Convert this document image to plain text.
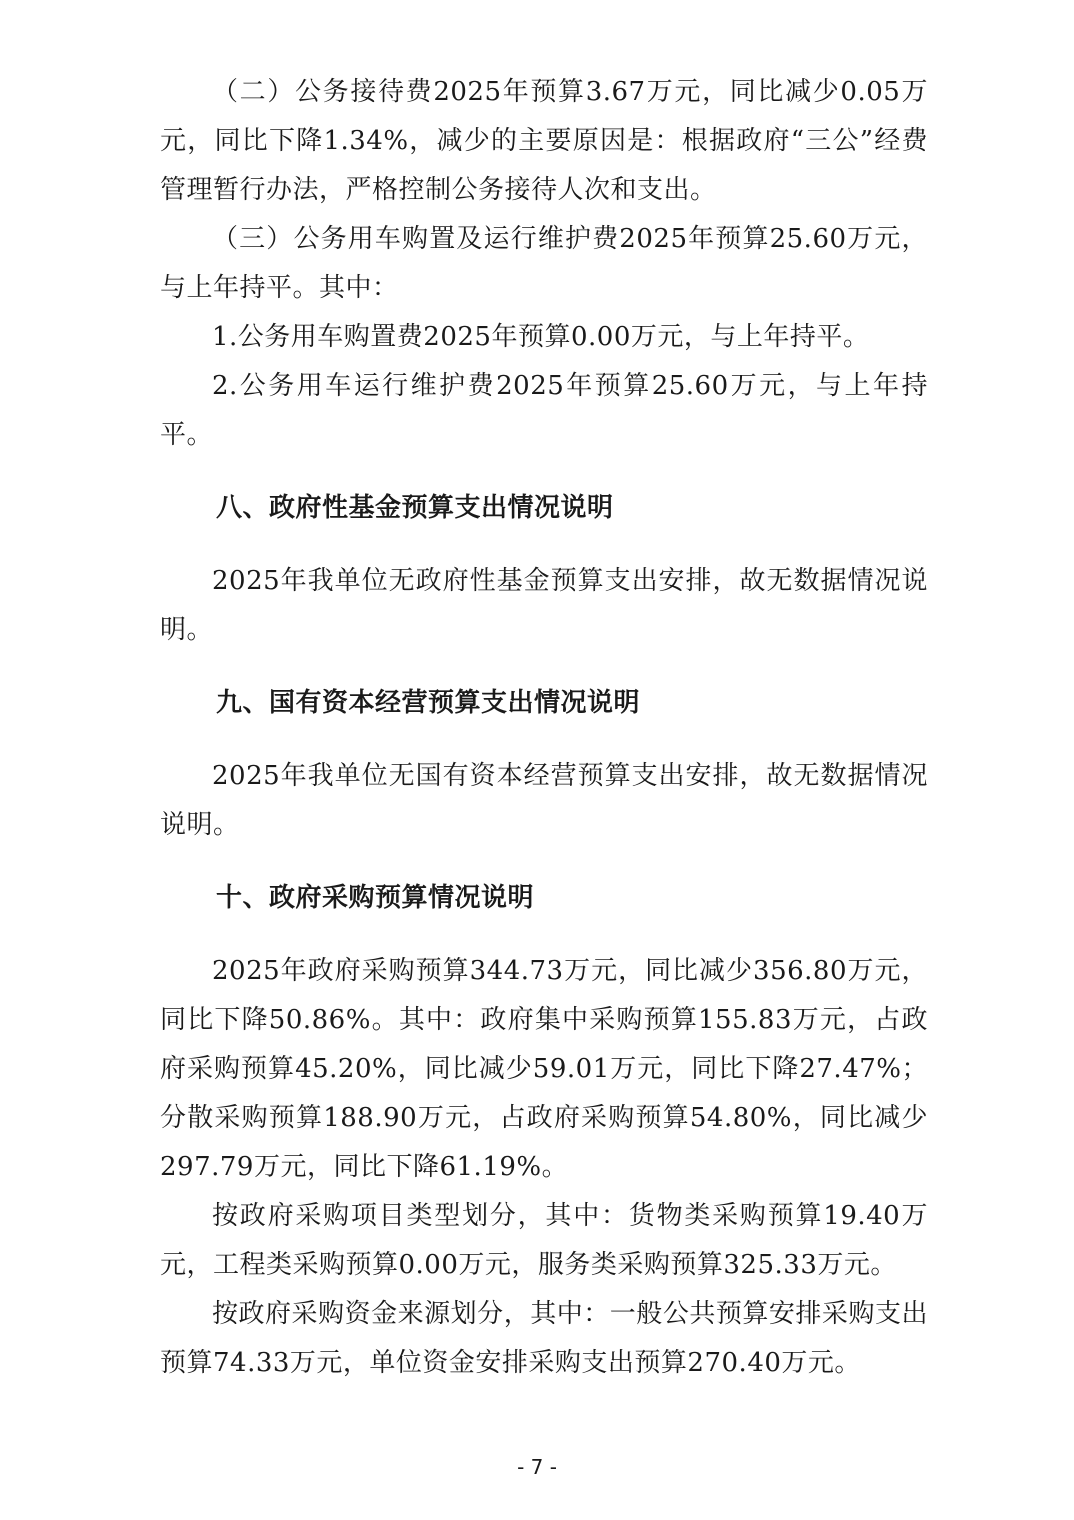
（二）公务接待费2025年预算3.67万元，同比减少0.05万元，同比下降1.34%，减少的主要原因是：根据政府“三公”经费管理暂行办法，严格控制公务接待人次和支出。

（三）公务用车购置及运行维护费2025年预算25.60万元，与上年持平。其中：

1.公务用车购置费2025年预算0.00万元，与上年持平。

2.公务用车运行维护费2025年预算25.60万元，与上年持平。

八、政府性基金预算支出情况说明

2025年我单位无政府性基金预算支出安排，故无数据情况说明。

九、国有资本经营预算支出情况说明

2025年我单位无国有资本经营预算支出安排，故无数据情况说明。

十、政府采购预算情况说明

2025年政府采购预算344.73万元，同比减少356.80万元，同比下降50.86%。其中：政府集中采购预算155.83万元，占政府采购预算45.20%，同比减少59.01万元，同比下降27.47%；分散采购预算188.90万元，占政府采购预算54.80%，同比减少297.79万元，同比下降61.19%。

按政府采购项目类型划分，其中：货物类采购预算19.40万元，工程类采购预算0.00万元，服务类采购预算325.33万元。

按政府采购资金来源划分，其中：一般公共预算安排采购支出预算74.33万元，单位资金安排采购支出预算270.40万元。

- 7 -
